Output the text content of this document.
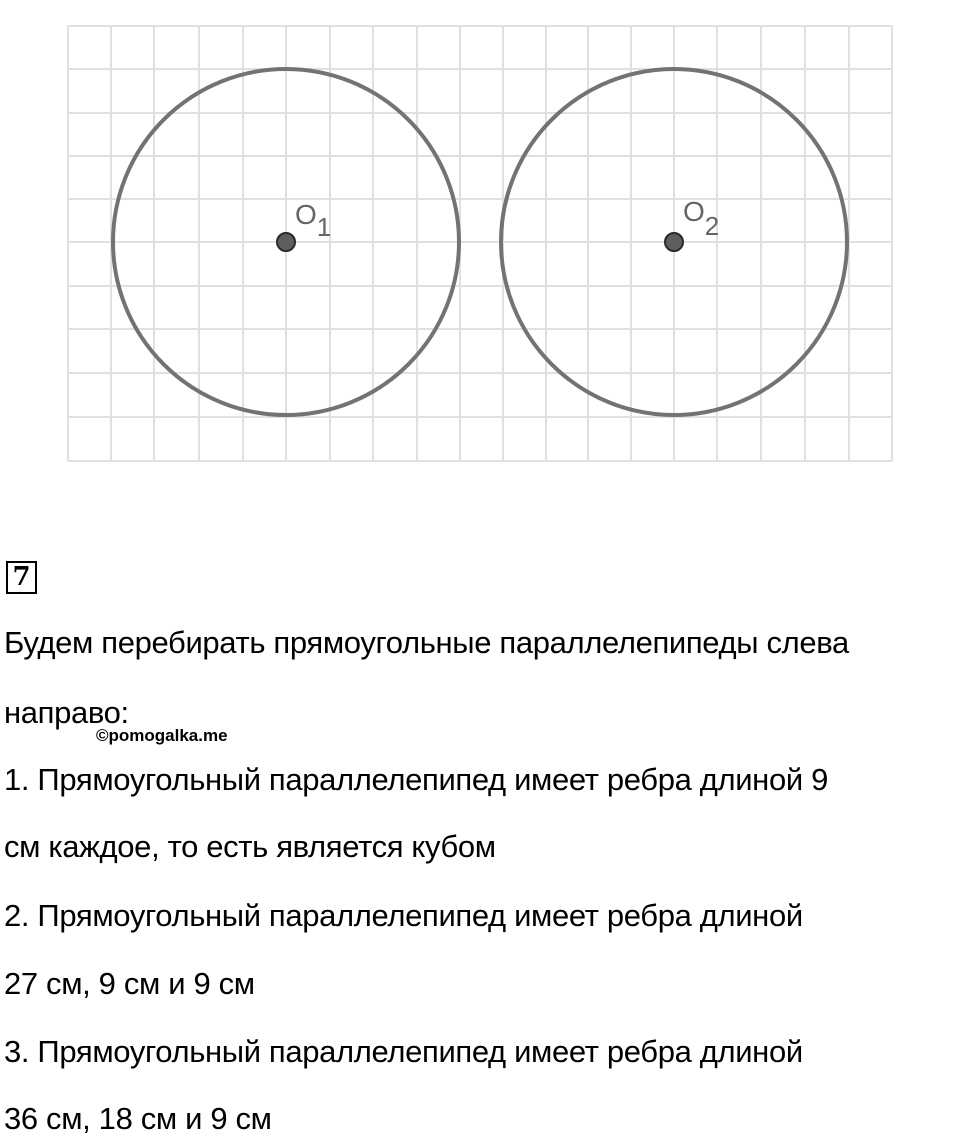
O1	O2
7
Будем перебирать прямоугольные параллелепипеды слева
направо:
©pomogalka.me
1. Прямоугольный параллелепипед имеет ребра длиной 9
см каждое, то есть является кубом
2. Прямоугольный параллелепипед имеет ребра длиной
27 см, 9 см и 9 см
3. Прямоугольный параллелепипед имеет ребра длиной
36 см, 18 см и 9 см
